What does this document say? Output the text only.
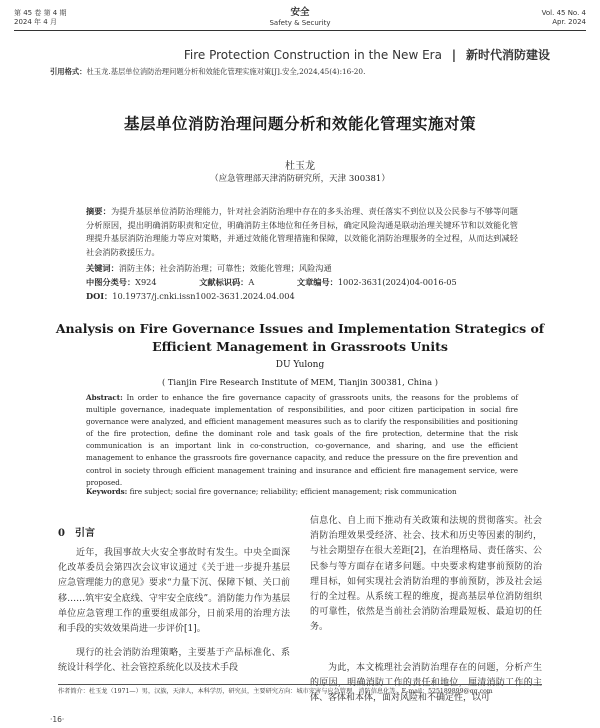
第 45 卷 第 4 期
2024 年 4 月
安全
Safety & Security
Vol. 45 No. 4
Apr. 2024
Fire Protection Construction in the New Era | 新时代消防建设
引用格式：杜玉龙.基层单位消防治理问题分析和效能化管理实施对策[J].安全,2024,45(4):16-20.
基层单位消防治理问题分析和效能化管理实施对策
杜玉龙
（应急管理部天津消防研究所，天津 300381）
摘要：为提升基层单位消防治理能力，针对社会消防治理中存在的多头治理、责任落实不到位以及公民参与不够等问题分析原因，提出明确消防职责和定位，明确消防主体地位和任务目标，确定风险沟通是联动治理关键环节和以效能化管理提升基层消防治理能力等应对策略，并通过效能化管理措施和保障，以效能化消防治理服务的全过程，从而达到减轻社会消防救援压力。
关键词：消防主体；社会消防治理；可靠性；效能化管理；风险沟通
中图分类号：X924	文献标识码：A	文章编号：1002-3631(2024)04-0016-05
DOI：10.19737/j.cnki.issn1002-3631.2024.04.004
Analysis on Fire Governance Issues and Implementation Strategics of
Efficient Management in Grassroots Units
DU Yulong
( Tianjin Fire Research Institute of MEM, Tianjin 300381, China )
Abstract: In order to enhance the fire governance capacity of grassroots units, the reasons for the problems of multiple governance, inadequate implementation of responsibilities, and poor citizen participation in social fire governance were analyzed, and efficient management measures such as to clarify the responsibilities and positioning of the fire protection, define the dominant role and task goals of the fire protection, determine that the risk communication is an important link in co-construction, co-governance, and sharing, and use the efficient management to enhance the grassroots fire governance capacity, and reduce the pressure on the fire prevention and control in society through efficient management training and insurance and efficient fire management service, were proposed.
Keywords: fire subject; social fire governance; reliability; efficient management; risk communication
0　引言
近年，我国事故大火安全事故时有发生。中央全面深化改革委员会第四次会议审议通过《关于进一步提升基层应急管理能力的意见》要求“力量下沉、保障下倾、关口前移……筑牢安全底线、守牢安全底线”。消防能力作为基层单位应急管理工作的重要组成部分，日前采用的治理方法和手段的实效效果尚进一步评价[1]。
现行的社会消防治理策略，主要基于产品标准化、系统设计科学化、社会管控系统化以及技术手段
信息化、自上而下推动有关政策和法规的贯彻落实。社会消防治理效果受经济、社会、技术和历史等因素的制约，与社会期望存在很大差距[2]，在治理格局、责任落实、公民参与等方面存在诸多问题。中央要求构建事前预防的治理目标，如何实现社会消防治理的事前预防，涉及社会运行的全过程。从系统工程的维度，提高基层单位消防组织的可靠性，依然是当前社会消防治理最短板、最迫切的任务。
为此，本文梳理社会消防治理存在的问题，分析产生 体、客体和本体，面对风险和不确定性，以可
作者简介：杜玉龙（1971—）男，汉族，天津人，本科学历，研究员，主要研究方向：城市灾害与应急管理、消防信息化等。E-mail：525189899@qq.com
·16·
